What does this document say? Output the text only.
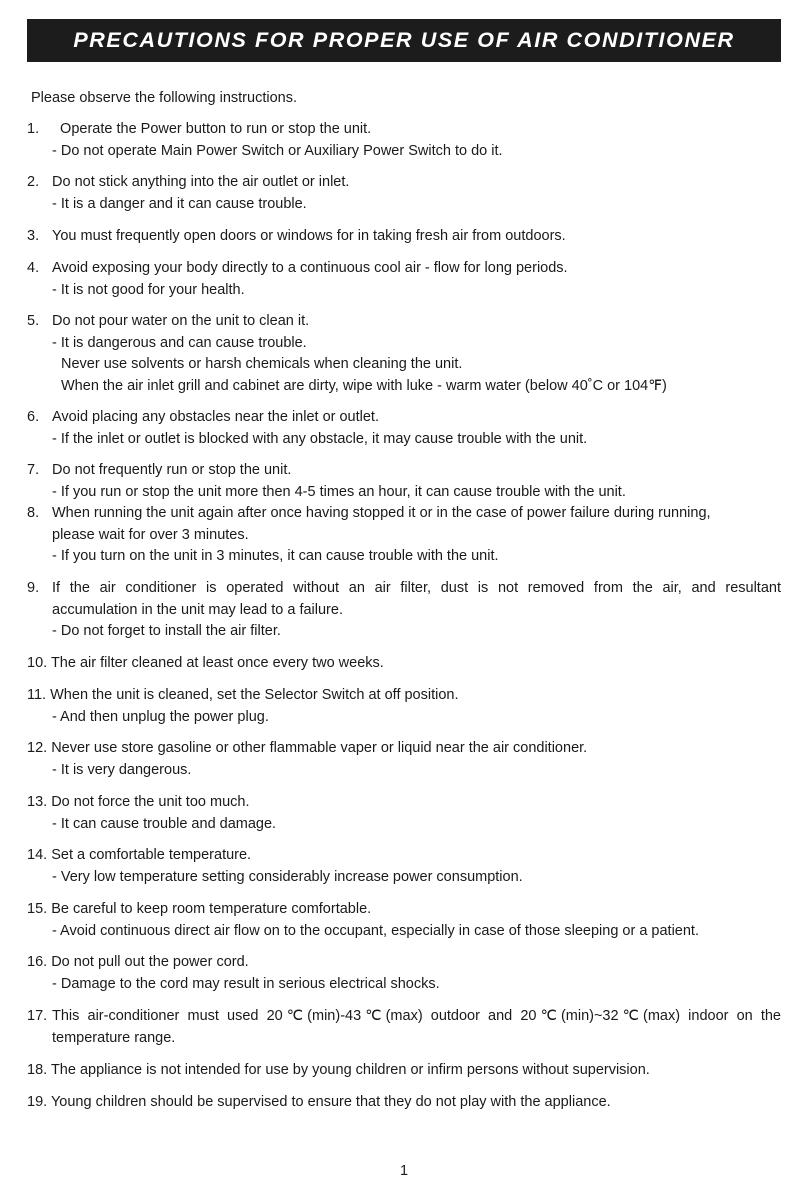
PRECAUTIONS FOR PROPER USE OF AIR CONDITIONER
Please observe the following instructions.
1.  Operate the Power button to run or stop the unit.
- Do not operate Main Power Switch or Auxiliary Power Switch to do it.
2. Do not stick anything into the air outlet or inlet.
- It is a danger and it can cause trouble.
3. You must frequently open doors or windows for in taking fresh air from outdoors.
4. Avoid exposing your body directly to a continuous cool air - flow for long periods.
- It is not good for your health.
5. Do not pour water on the unit to clean it.
- It is dangerous and can cause trouble.
Never use solvents or harsh chemicals when cleaning the unit.
When the air inlet grill and cabinet are dirty, wipe with luke - warm water (below 40˚C or 104℉)
6. Avoid placing any obstacles near the inlet or outlet.
- If the inlet or outlet is blocked with any obstacle, it may cause trouble with the unit.
7. Do not frequently run or stop the unit.
- If you run or stop the unit more then 4-5 times an hour, it can cause trouble with the unit.
8. When running the unit again after once having stopped it or in the case of power failure during running,
please wait for over 3 minutes.
- If you turn on the unit in 3 minutes, it can cause trouble with the unit.
9. If the air conditioner is operated without an air filter, dust is not removed from the air, and resultant
accumulation in the unit may lead to a failure.
- Do not forget to install the air filter.
10. The air filter cleaned at least once every two weeks.
11. When the unit is cleaned, set the Selector Switch at off position.
- And then unplug the power plug.
12. Never use store gasoline or other flammable vaper or liquid near the air conditioner.
- It is very dangerous.
13. Do not force the unit too much.
- It can cause trouble and damage.
14. Set a comfortable temperature.
- Very low temperature setting considerably increase power consumption.
15. Be careful to keep room temperature comfortable.
- Avoid continuous direct air flow on to the occupant, especially in case of those sleeping or a patient.
16. Do not pull out the power cord.
- Damage to the cord may result in serious electrical shocks.
17. This air-conditioner must used 20℃(min)-43℃(max) outdoor and 20℃(min)~32℃(max) indoor on the
temperature range.
18. The appliance is not intended for use by young children or infirm persons without supervision.
19. Young children should be supervised to ensure that they do not play with the appliance.
1
